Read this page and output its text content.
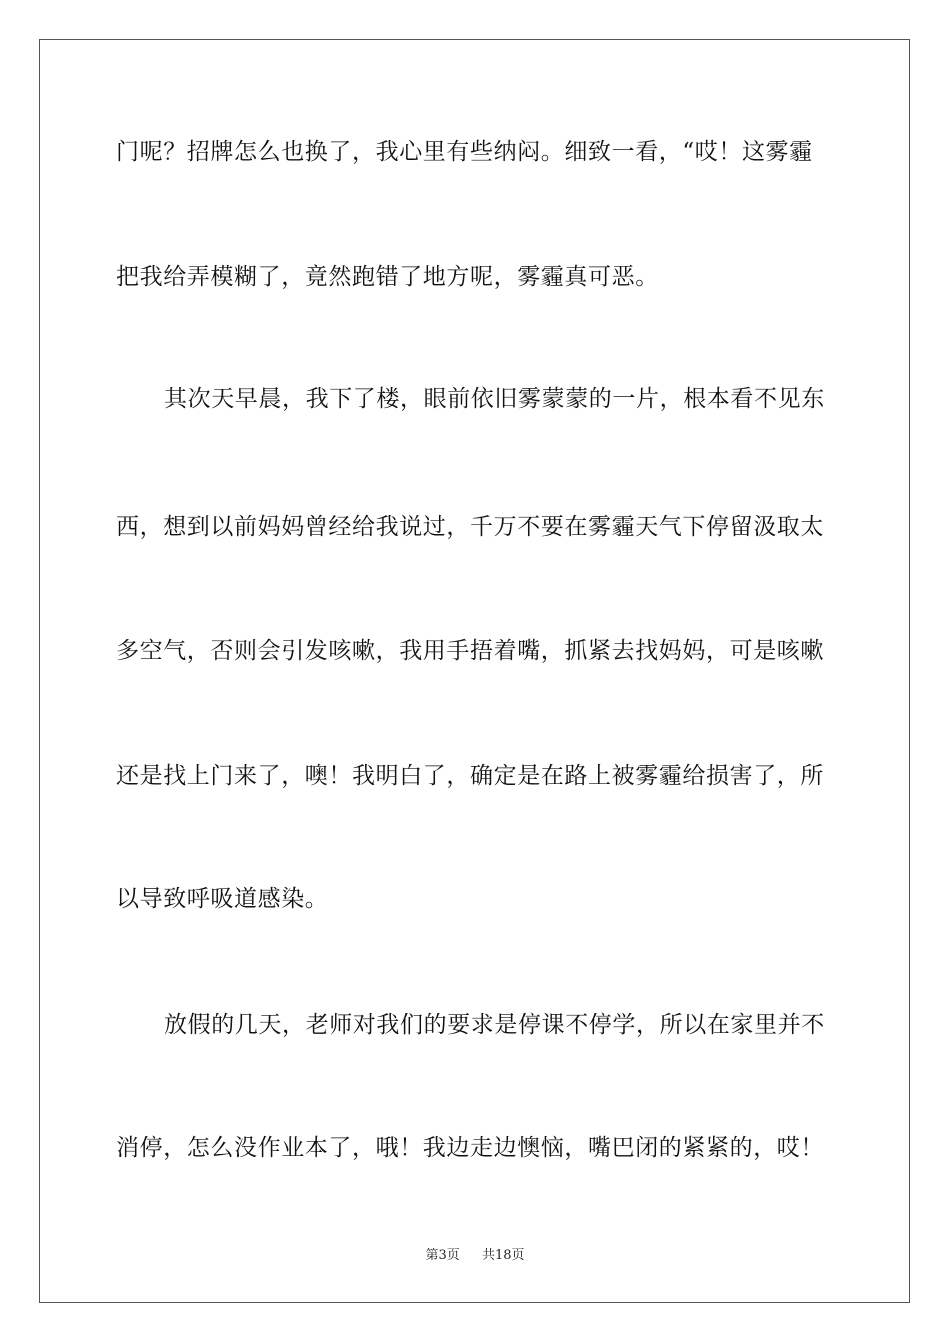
门呢？招牌怎么也换了，我心里有些纳闷。细致一看，“哎！这雾霾
把我给弄模糊了，竟然跑错了地方呢，雾霾真可恶。
其次天早晨，我下了楼，眼前依旧雾蒙蒙的一片，根本看不见东
西，想到以前妈妈曾经给我说过，千万不要在雾霾天气下停留汲取太
多空气，否则会引发咳嗽，我用手捂着嘴，抓紧去找妈妈，可是咳嗽
还是找上门来了，噢！我明白了，确定是在路上被雾霾给损害了，所
以导致呼吸道感染。
放假的几天，老师对我们的要求是停课不停学，所以在家里并不
消停，怎么没作业本了，哦！我边走边懊恼，嘴巴闭的紧紧的，哎！
第3页 共18页
